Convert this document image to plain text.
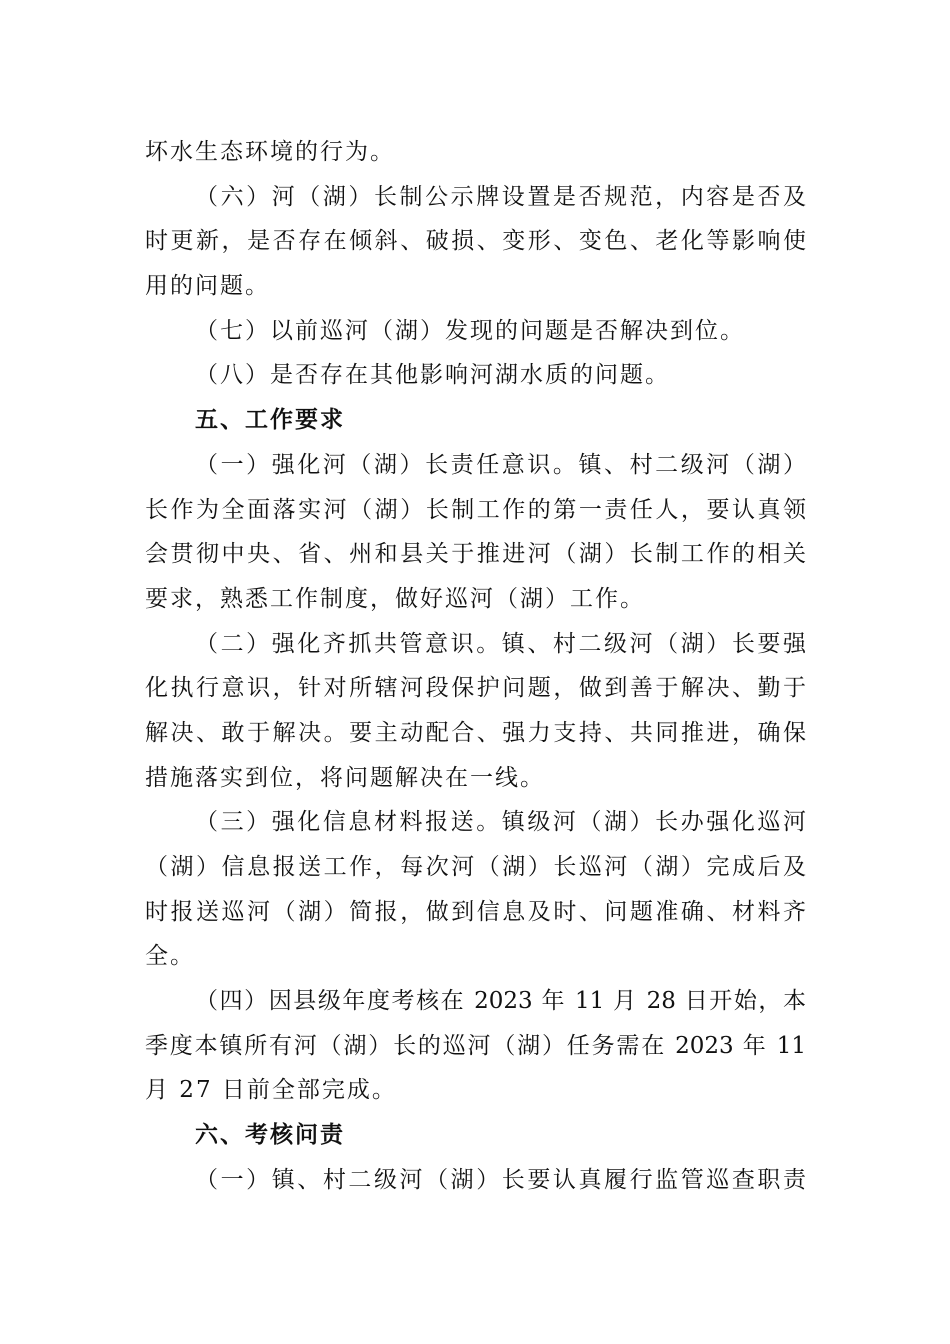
坏水生态环境的行为。
（六）河（湖）长制公示牌设置是否规范，内容是否及
时更新，是否存在倾斜、破损、变形、变色、老化等影响使
用的问题。
（七）以前巡河（湖）发现的问题是否解决到位。
（八）是否存在其他影响河湖水质的问题。
五、工作要求
（一）强化河（湖）长责任意识。镇、村二级河（湖）
长作为全面落实河（湖）长制工作的第一责任人，要认真领
会贯彻中央、省、州和县关于推进河（湖）长制工作的相关
要求，熟悉工作制度，做好巡河（湖）工作。
（二）强化齐抓共管意识。镇、村二级河（湖）长要强
化执行意识，针对所辖河段保护问题，做到善于解决、勤于
解决、敢于解决。要主动配合、强力支持、共同推进，确保
措施落实到位，将问题解决在一线。
（三）强化信息材料报送。镇级河（湖）长办强化巡河
（湖）信息报送工作，每次河（湖）长巡河（湖）完成后及
时报送巡河（湖）简报，做到信息及时、问题准确、材料齐
全。
（四）因县级年度考核在 2023 年 11 月 28 日开始，本
季度本镇所有河（湖）长的巡河（湖）任务需在 2023 年 11
月 27 日前全部完成。
六、考核问责
（一）镇、村二级河（湖）长要认真履行监管巡查职责
